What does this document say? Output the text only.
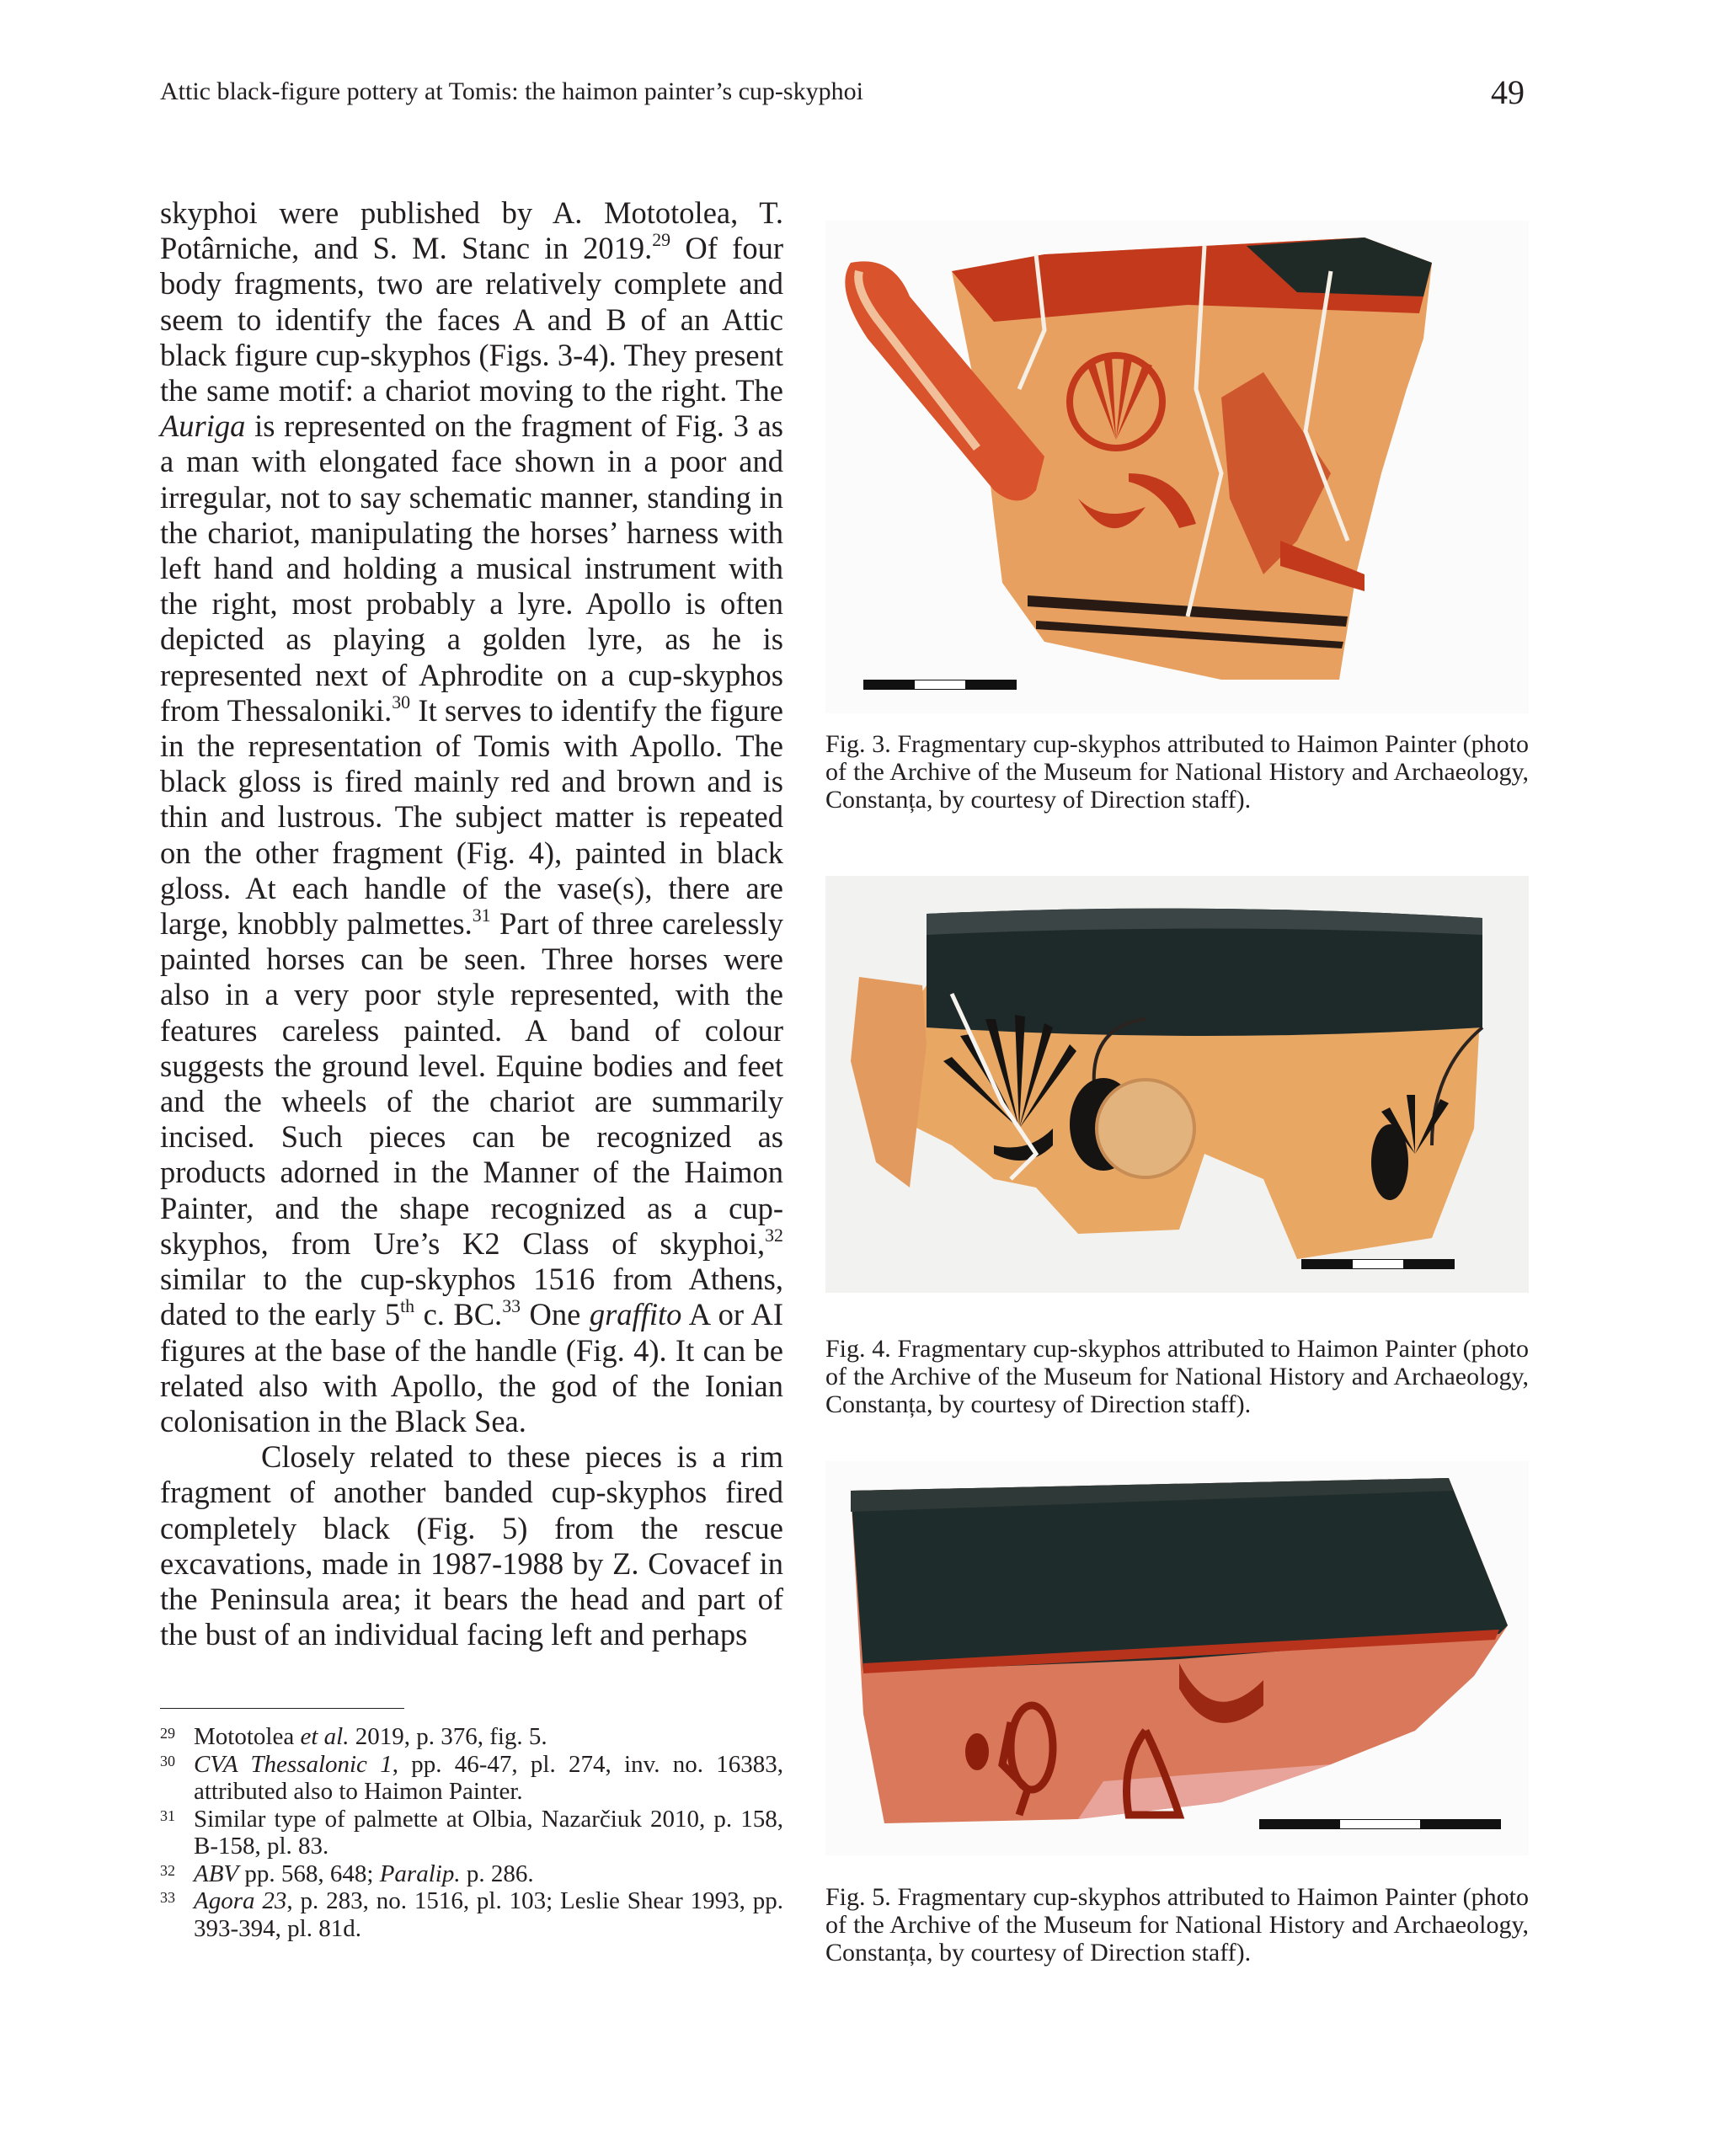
Attic black-figure pottery at Tomis: the haimon painter’s cup-skyphoi	49

skyphoi were published by A. Mototolea, T. Potârniche, and S. M. Stanc in 2019.29 Of four body fragments, two are relatively complete and seem to identify the faces A and B of an Attic black figure cup-skyphos (Figs. 3-4). They present the same motif: a chariot moving to the right. The Auriga is represented on the fragment of Fig. 3 as a man with elongated face shown in a poor and irregular, not to say schematic manner, standing in the chariot, manipulating the horses’ harness with left hand and holding a musical instrument with the right, most probably a lyre. Apollo is often depicted as playing a golden lyre, as he is represented next of Aphrodite on a cup-skyphos from Thessaloniki.$^{30}$ It serves to identify the figure in the representation of Tomis with Apollo. The black gloss is fired mainly red and brown and is thin and lustrous. The subject matter is repeated on the other fragment (Fig. 4), painted in black gloss. At each handle of the vase(s), there are large, knobbly palmettes.$^{31}$ Part of three carelessly painted horses can be seen. Three horses were also in a very poor style represented, with the features careless painted. A band of colour suggests the ground level. Equine bodies and feet and the wheels of the chariot are summarily incised. Such pieces can be recognized as products adorned in the Manner of the Haimon Painter, and the shape recognized as a cup-skyphos, from Ure’s K2 Class of skyphoi,$^{32}$ similar to the cup-skyphos 1516 from Athens, dated to the early 5th c. BC.$^{33}$ One graffito A or AI figures at the base of the handle (Fig. 4). It can be related also with Apollo, the god of the Ionian colonisation in the Black Sea.

Closely related to these pieces is a rim fragment of another banded cup-skyphos fired completely black (Fig. 5) from the rescue excavations, made in 1987-1988 by Z. Covacef in the Peninsula area; it bears the head and part of the bust of an individual facing left and perhaps

29 Mototolea et al. 2019, p. 376, fig. 5.

30 CVA Thessalonic 1, pp. 46-47, pl. 274, inv. no. 16383, attributed also to Haimon Painter.

31 Similar type of palmette at Olbia, Nazarčiuk 2010, p. 158, B-158, pl. 83.

32 ABV pp. 568, 648; Paralip. p. 286.

33 Agora 23, p. 283, no. 1516, pl. 103; Leslie Shear 1993, pp. 393-394, pl. 81d.

Fig. 3. Fragmentary cup-skyphos attributed to Haimon Painter (photo of the Archive of the Museum for National History and Archaeology, Constanța, by courtesy of Direction staff).
Fig. 4. Fragmentary cup-skyphos attributed to Haimon Painter (photo of the Archive of the Museum for National History and Archaeology, Constanța, by courtesy of Direction staff).
Fig. 5. Fragmentary cup-skyphos attributed to Haimon Painter (photo of the Archive of the Museum for National History and Archaeology, Constanța, by courtesy of Direction staff).
